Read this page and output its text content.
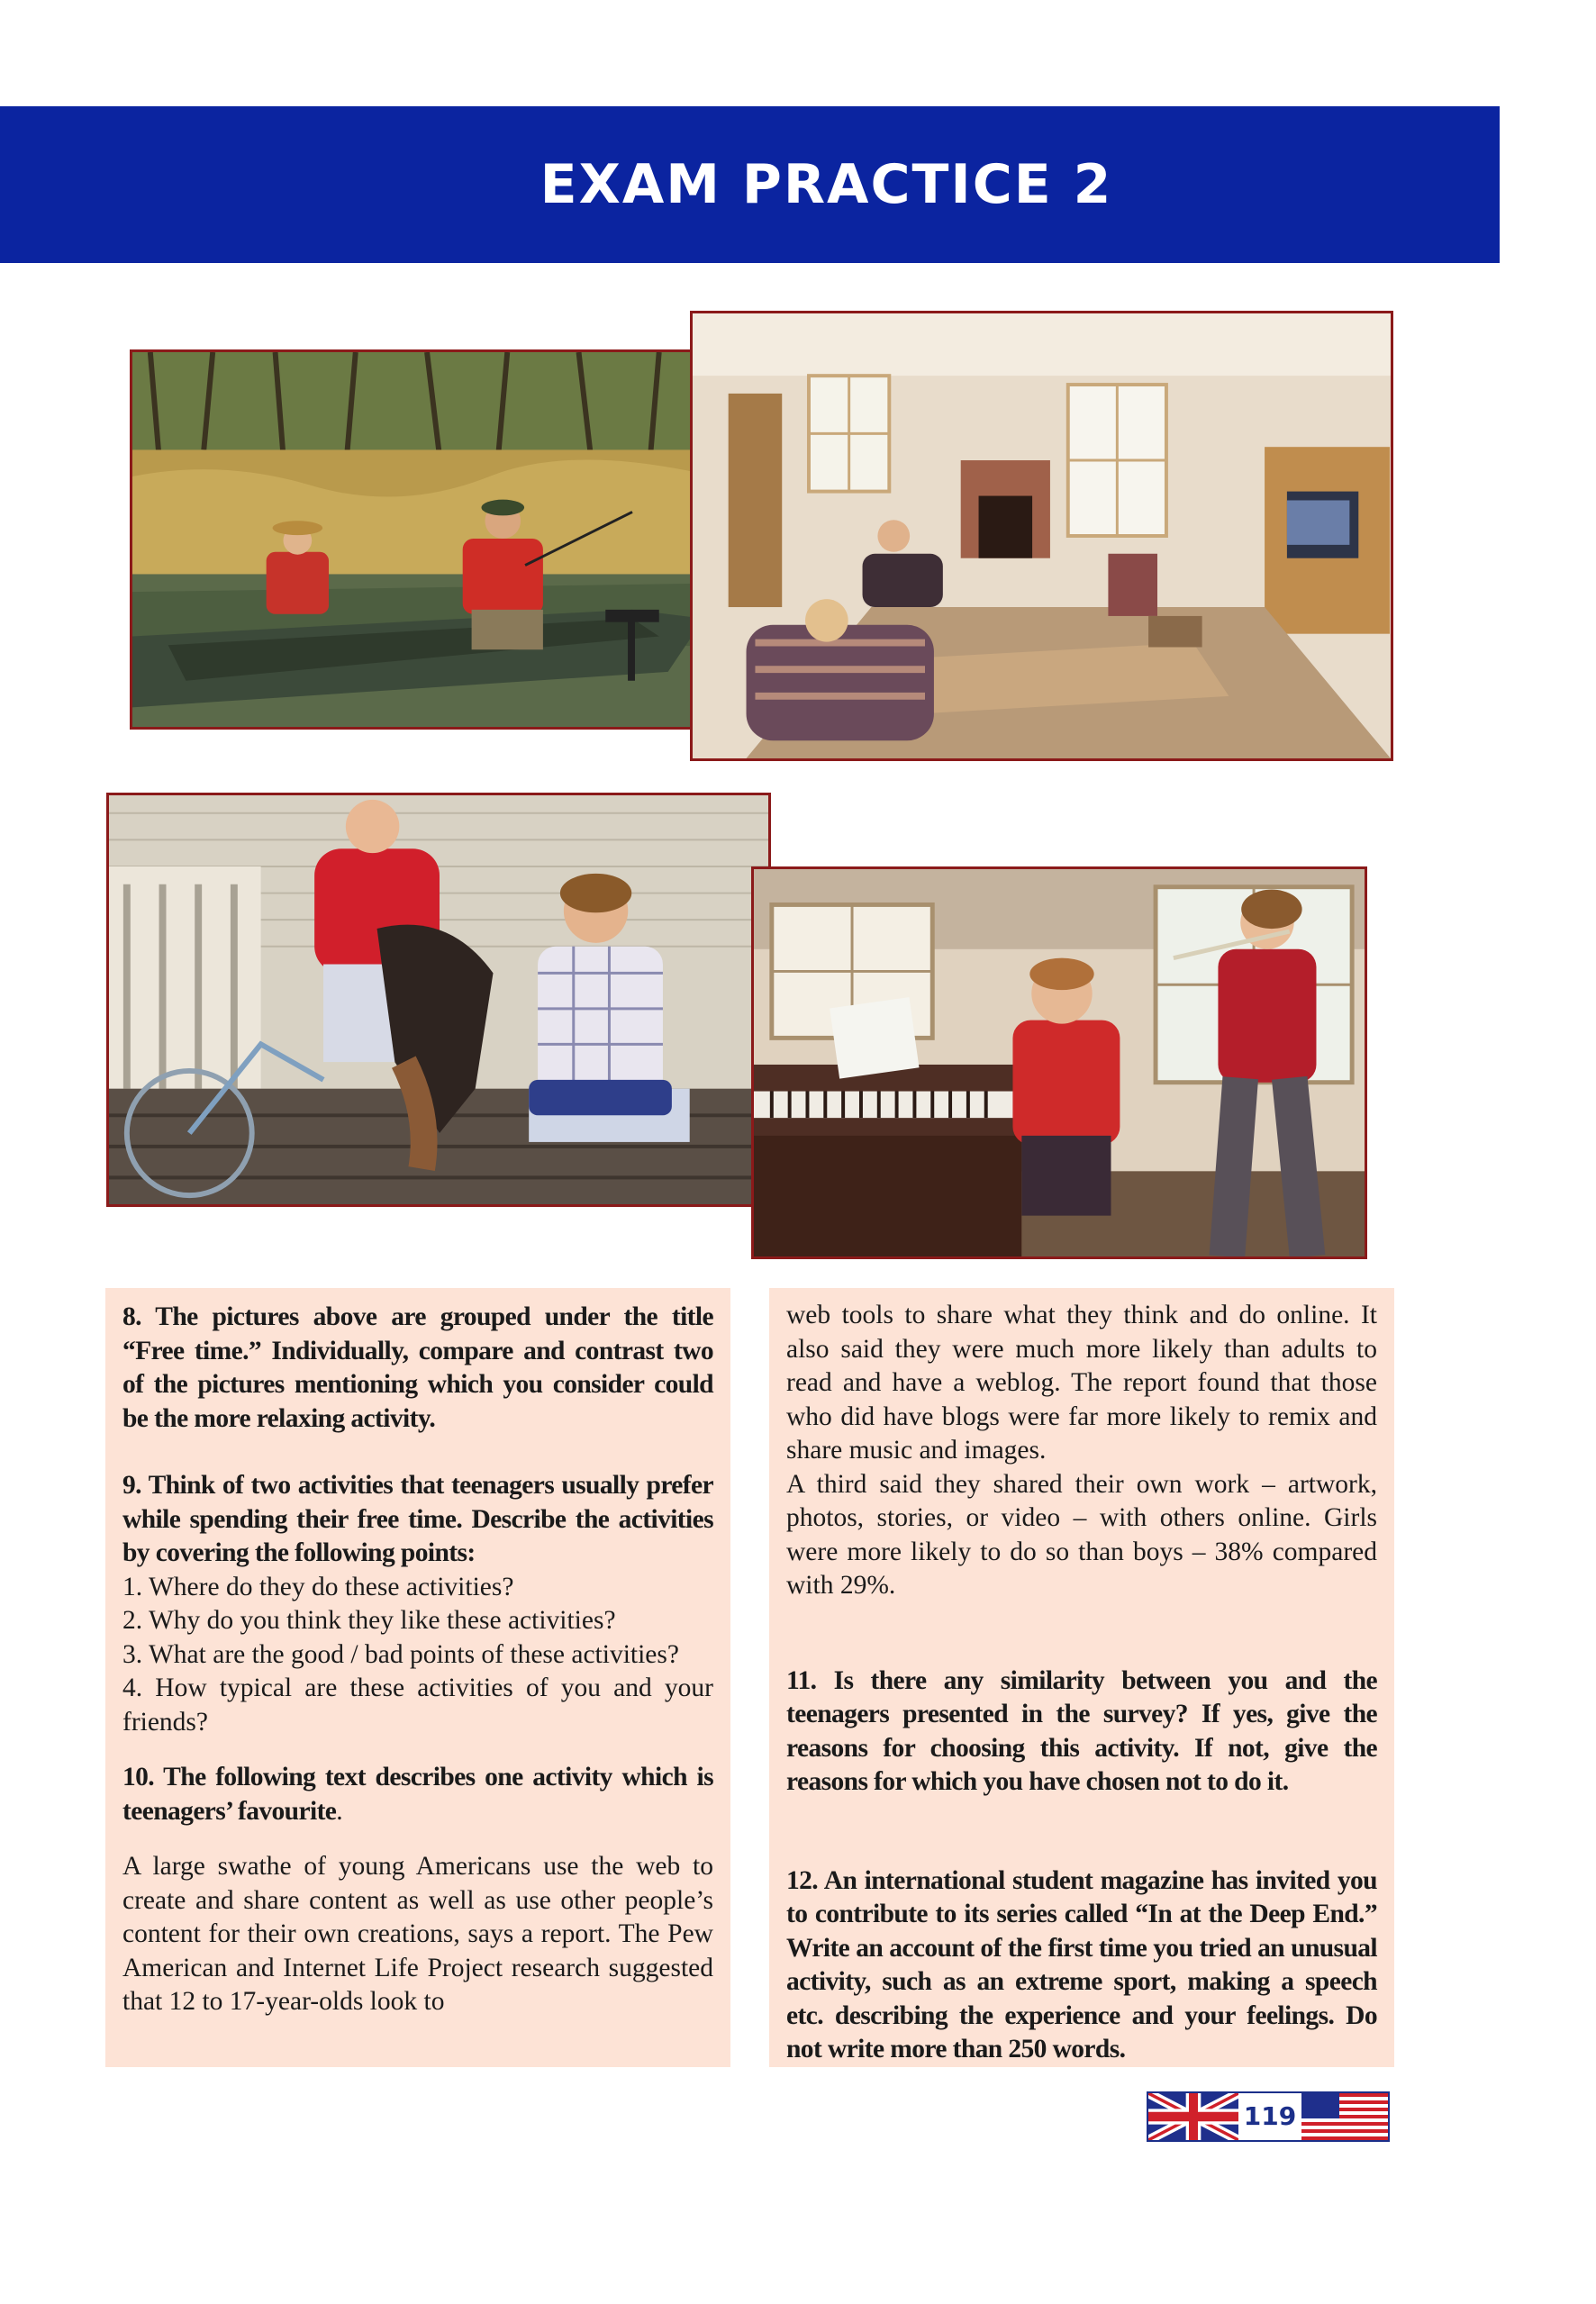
EXAM PRACTICE 2

8. The pictures above are grouped under the title “Free time.” Individually, compare and contrast two of the pictures mentioning which you consider could be the more relaxing activity.

9. Think of two activities that teenagers usually prefer while spending their free time. Describe the activities by covering the following points:

1. Where do they do these activities?

2. Why do you think they like these activities?

3. What are the good / bad points of these activities?

4. How typical are these activities of you and your friends?

10. The following text describes one activity which is teenagers’ favourite.

A large swathe of young Americans use the web to create and share content as well as use other people’s content for their own creations, says a report. The Pew American and Internet Life Project research suggested that 12 to 17-year-olds look to

web tools to share what they think and do online. It also said they were much more likely than adults to read and have a weblog. The report found that those who did have blogs were far more likely to remix and share music and images.

A third said they shared their own work – artwork, photos, stories, or video – with others online. Girls were more likely to do so than boys – 38% compared with 29%.

11. Is there any similarity between you and the teenagers presented in the survey? If yes, give the reasons for choosing this activity. If not, give the reasons for which you have chosen not to do it.

12. An international student magazine has invited you to contribute to its series called “In at the Deep End.” Write an account of the first time you tried an unusual activity, such as an extreme sport, making a speech etc. describing the experience and your feelings. Do not write more than 250 words.

119
